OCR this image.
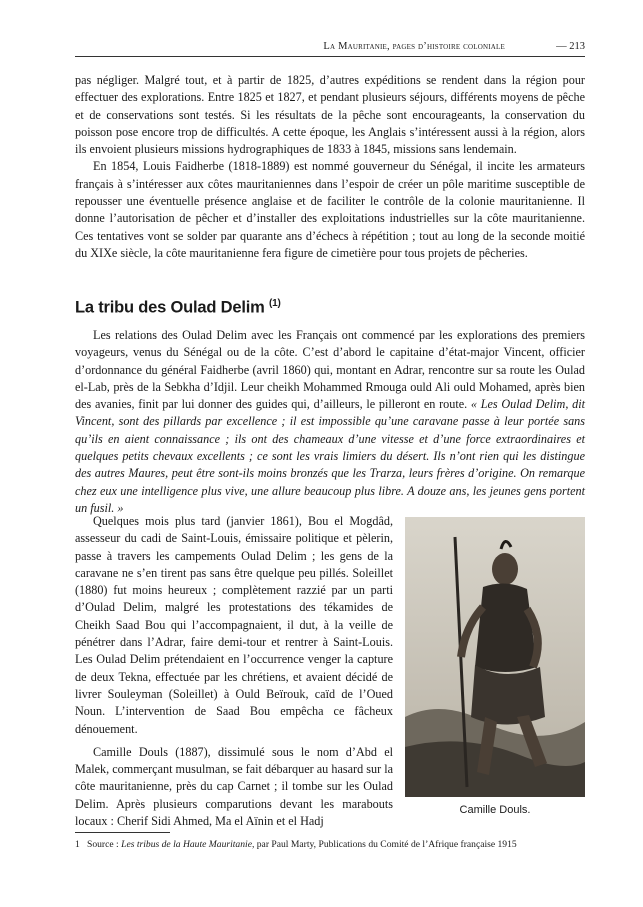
La Mauritanie, pages d’histoire coloniale	— 213

pas négliger. Malgré tout, et à partir de 1825, d’autres expéditions se rendent dans la région pour effectuer des explorations. Entre 1825 et 1827, et pendant plusieurs séjours, différents moyens de pêche et de conservations sont testés. Si les résultats de la pêche sont encourageants, la conservation du poisson pose encore trop de difficultés. A cette époque, les Anglais s’intéressent aussi à la région, alors ils envoient plusieurs missions hydrographiques de 1833 à 1845, missions sans lendemain.

En 1854, Louis Faidherbe (1818-1889) est nommé gouverneur du Sénégal, il incite les armateurs français à s’intéresser aux côtes mauritaniennes dans l’espoir de créer un pôle maritime susceptible de repousser une éventuelle présence anglaise et de faciliter le contrôle de la colonie mauritanienne. Il donne l’autorisation de pêcher et d’installer des exploitations industrielles sur la côte mauritanienne. Ces tentatives vont se solder par quarante ans d’échecs à répétition ; tout au long de la seconde moitié du XIXe siècle, la côte mauritanienne fera figure de cimetière pour tous projets de pêcheries.

La tribu des Oulad Delim $^{(1)}$

Les relations des Oulad Delim avec les Français ont commencé par les explorations des premiers voyageurs, venus du Sénégal ou de la côte. C’est d’abord le capitaine d’état-major Vincent, officier d’ordonnance du général Faidherbe (avril 1860) qui, montant en Adrar, rencontre sur sa route les Oulad el-Lab, près de la Sebkha d’Idjil. Leur cheikh Mohammed Rmouga ould Ali ould Mohamed, après bien des avanies, finit par lui donner des guides qui, d’ailleurs, le pilleront en route. « Les Oulad Delim, dit Vincent, sont des pillards par excellence ; il est impossible qu’une caravane passe à leur portée sans qu’ils en aient connaissance ; ils ont des chameaux d’une vitesse et d’une force extraordinaires et quelques petits chevaux excellents ; ce sont les vrais limiers du désert. Ils n’ont rien qui les distingue des autres Maures, peut être sont-ils moins bronzés que les Trarza, leurs frères d’origine. On remarque chez eux une intelligence plus vive, une allure beaucoup plus libre. A douze ans, les jeunes gens portent un fusil. »

Quelques mois plus tard (janvier 1861), Bou el Mogdâd, assesseur du cadi de Saint-Louis, émissaire politique et pèlerin, passe à travers les campements Oulad Delim ; les gens de la caravane ne s’en tirent pas sans être quelque peu pillés. Soleillet (1880) fut moins heureux ; complètement razzié par un parti d’Oulad Delim, malgré les protestations des tékamides de Cheikh Saad Bou qui l’accompagnaient, il dut, à la veille de pénétrer dans l’Adrar, faire demi-tour et rentrer à Saint-Louis. Les Oulad Delim prétendaient en l’occurrence venger la capture de deux Tekna, effectuée par les chrétiens, et avaient décidé de livrer Souleyman (Soleillet) à Ould Beïrouk, caïd de l’Oued Noun. L’intervention de Saad Bou empêcha ce fâcheux dénouement.

Camille Douls (1887), dissimulé sous le nom d’Abd el Malek, commerçant musulman, se fait débarquer au hasard sur la côte mauritanienne, près du cap Carnet ; il tombe sur les Oulad Delim. Après plusieurs comparutions devant les marabouts locaux : Cherif Sidi Ahmed, Ma el Aïnin et el Hadj

Camille Douls.
1 Source : Les tribus de la Haute Mauritanie, par Paul Marty, Publications du Comité de l’Afrique française 1915
